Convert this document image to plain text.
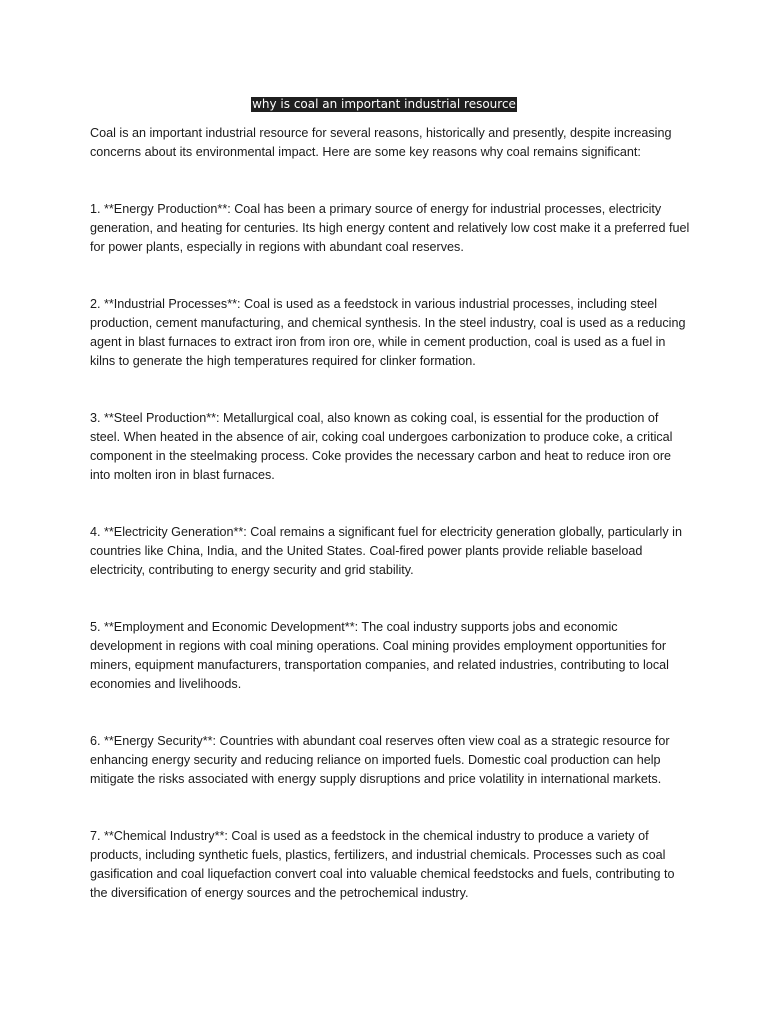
why is coal an important industrial resource

Coal is an important industrial resource for several reasons, historically and presently, despite increasing concerns about its environmental impact. Here are some key reasons why coal remains significant:

1. **Energy Production**: Coal has been a primary source of energy for industrial processes, electricity generation, and heating for centuries. Its high energy content and relatively low cost make it a preferred fuel for power plants, especially in regions with abundant coal reserves.

2. **Industrial Processes**: Coal is used as a feedstock in various industrial processes, including steel production, cement manufacturing, and chemical synthesis. In the steel industry, coal is used as a reducing agent in blast furnaces to extract iron from iron ore, while in cement production, coal is used as a fuel in kilns to generate the high temperatures required for clinker formation.

3. **Steel Production**: Metallurgical coal, also known as coking coal, is essential for the production of steel. When heated in the absence of air, coking coal undergoes carbonization to produce coke, a critical component in the steelmaking process. Coke provides the necessary carbon and heat to reduce iron ore into molten iron in blast furnaces.

4. **Electricity Generation**: Coal remains a significant fuel for electricity generation globally, particularly in countries like China, India, and the United States. Coal-fired power plants provide reliable baseload electricity, contributing to energy security and grid stability.

5. **Employment and Economic Development**: The coal industry supports jobs and economic development in regions with coal mining operations. Coal mining provides employment opportunities for miners, equipment manufacturers, transportation companies, and related industries, contributing to local economies and livelihoods.

6. **Energy Security**: Countries with abundant coal reserves often view coal as a strategic resource for enhancing energy security and reducing reliance on imported fuels. Domestic coal production can help mitigate the risks associated with energy supply disruptions and price volatility in international markets.

7. **Chemical Industry**: Coal is used as a feedstock in the chemical industry to produce a variety of products, including synthetic fuels, plastics, fertilizers, and industrial chemicals. Processes such as coal gasification and coal liquefaction convert coal into valuable chemical feedstocks and fuels, contributing to the diversification of energy sources and the petrochemical industry.
